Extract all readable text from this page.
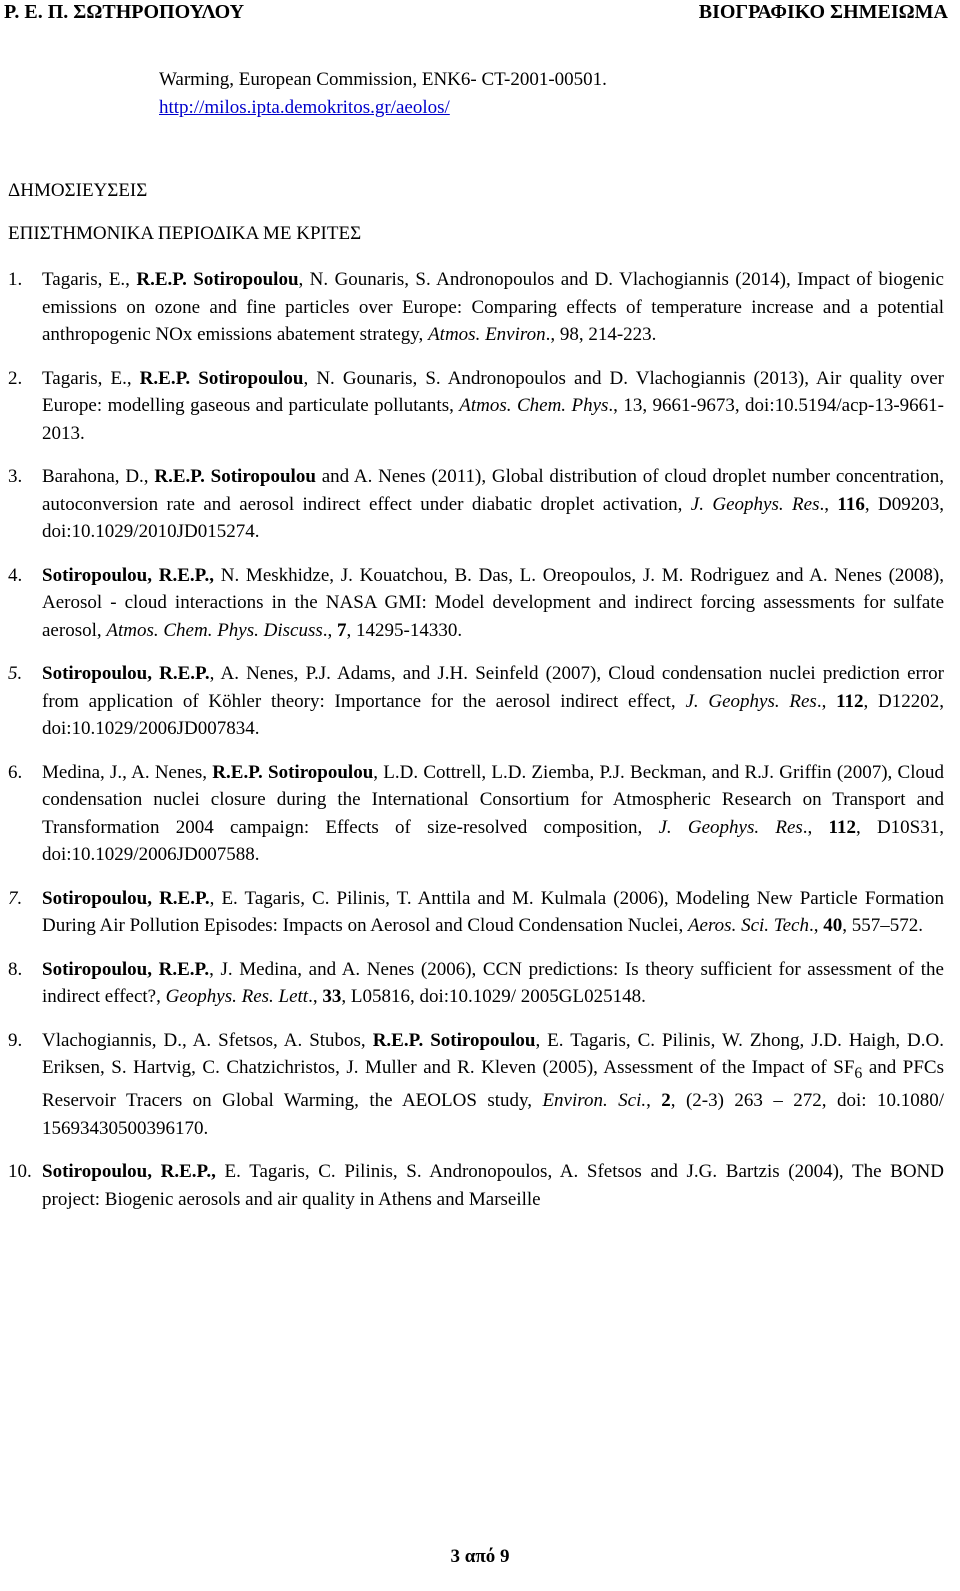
Ρ. Ε. Π. ΣΩΤΗΡΟΠΟΥΛΟΥ	ΒΙΟΓΡΑΦΙΚΟ ΣΗΜΕΙΩΜΑ
Warming, European Commission, ENK6- CT-2001-00501.
http://milos.ipta.demokritos.gr/aeolos/
ΔΗΜΟΣΙΕΥΣΕΙΣ
ΕΠΙΣΤΗΜΟΝΙΚΑ ΠΕΡΙΟΔΙΚΑ ΜΕ ΚΡΙΤΕΣ
1. Tagaris, E., R.E.P. Sotiropoulou, N. Gounaris, S. Andronopoulos and D. Vlachogiannis (2014), Impact of biogenic emissions on ozone and fine particles over Europe: Comparing effects of temperature increase and a potential anthropogenic NOx emissions abatement strategy, Atmos. Environ., 98, 214-223.
2. Tagaris, E., R.E.P. Sotiropoulou, N. Gounaris, S. Andronopoulos and D. Vlachogiannis (2013), Air quality over Europe: modelling gaseous and particulate pollutants, Atmos. Chem. Phys., 13, 9661-9673, doi:10.5194/acp-13-9661-2013.
3. Barahona, D., R.E.P. Sotiropoulou and A. Nenes (2011), Global distribution of cloud droplet number concentration, autoconversion rate and aerosol indirect effect under diabatic droplet activation, J. Geophys. Res., 116, D09203, doi:10.1029/2010JD015274.
4. Sotiropoulou, R.E.P., N. Meskhidze, J. Kouatchou, B. Das, L. Oreopoulos, J. M. Rodriguez and A. Nenes (2008), Aerosol - cloud interactions in the NASA GMI: Model development and indirect forcing assessments for sulfate aerosol, Atmos. Chem. Phys. Discuss., 7, 14295-14330.
5. Sotiropoulou, R.E.P., A. Nenes, P.J. Adams, and J.H. Seinfeld (2007), Cloud condensation nuclei prediction error from application of Köhler theory: Importance for the aerosol indirect effect, J. Geophys. Res., 112, D12202, doi:10.1029/2006JD007834.
6. Medina, J., A. Nenes, R.E.P. Sotiropoulou, L.D. Cottrell, L.D. Ziemba, P.J. Beckman, and R.J. Griffin (2007), Cloud condensation nuclei closure during the International Consortium for Atmospheric Research on Transport and Transformation 2004 campaign: Effects of size-resolved composition, J. Geophys. Res., 112, D10S31, doi:10.1029/2006JD007588.
7. Sotiropoulou, R.E.P., E. Tagaris, C. Pilinis, T. Anttila and M. Kulmala (2006), Modeling New Particle Formation During Air Pollution Episodes: Impacts on Aerosol and Cloud Condensation Nuclei, Aeros. Sci. Tech., 40, 557–572.
8. Sotiropoulou, R.E.P., J. Medina, and A. Nenes (2006), CCN predictions: Is theory sufficient for assessment of the indirect effect?, Geophys. Res. Lett., 33, L05816, doi:10.1029/ 2005GL025148.
9. Vlachogiannis, D., A. Sfetsos, A. Stubos, R.E.P. Sotiropoulou, E. Tagaris, C. Pilinis, W. Zhong, J.D. Haigh, D.O. Eriksen, S. Hartvig, C. Chatzichristos, J. Muller and R. Kleven (2005), Assessment of the Impact of $SF_6$ and PFCs Reservoir Tracers on Global Warming, the AEOLOS study, Environ. Sci., 2, (2-3) 263 – 272, doi: 10.1080/ 15693430500396170.
10. Sotiropoulou, R.E.P., E. Tagaris, C. Pilinis, S. Andronopoulos, A. Sfetsos and J.G. Bartzis (2004), The BOND project: Biogenic aerosols and air quality in Athens and Marseille
3 από 9
